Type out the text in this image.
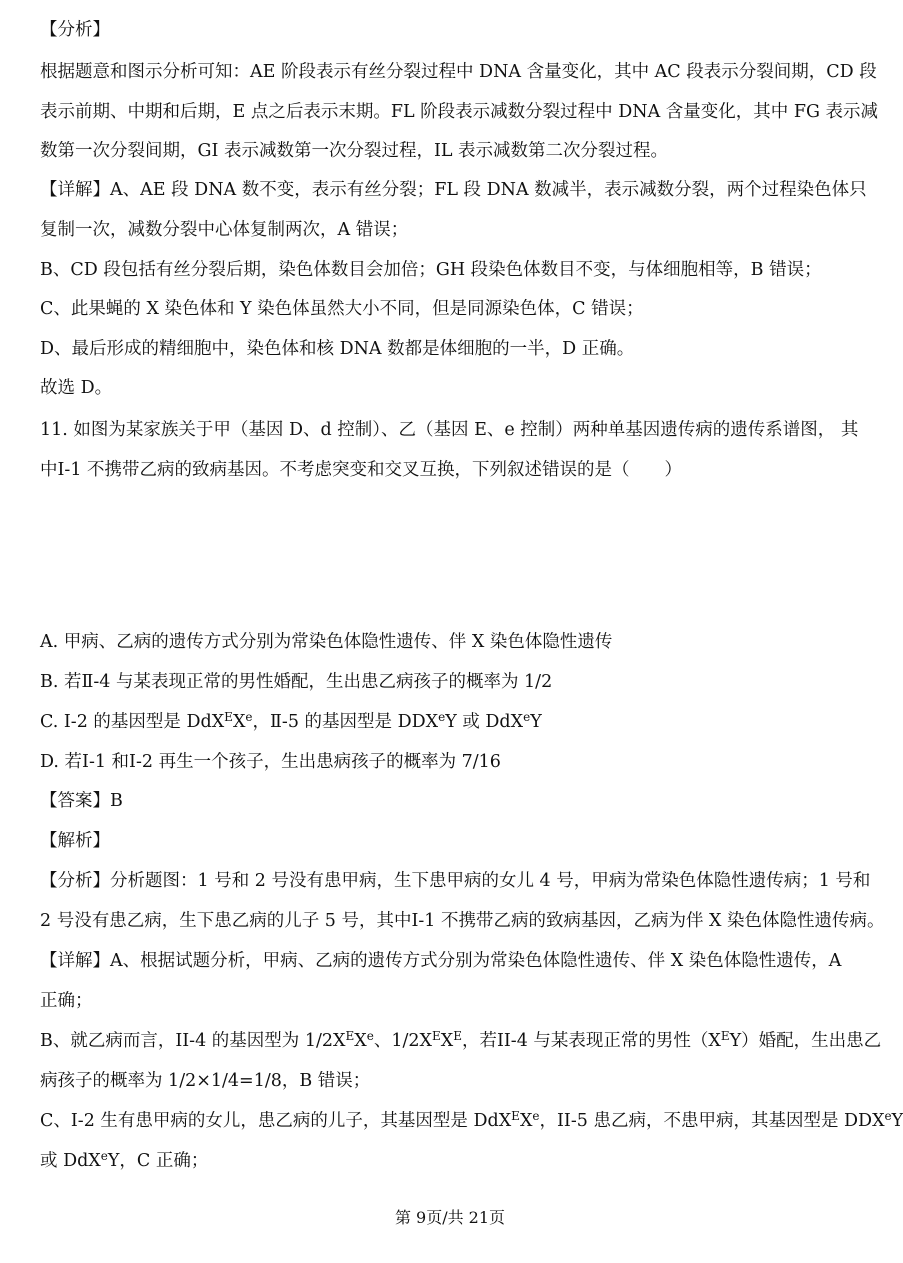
【分析】
根据题意和图示分析可知：AE 阶段表示有丝分裂过程中 DNA 含量变化，其中 AC 段表示分裂间期，CD 段
表示前期、中期和后期，E 点之后表示末期。FL 阶段表示减数分裂过程中 DNA 含量变化，其中 FG 表示减
数第一次分裂间期，GI 表示减数第一次分裂过程，IL 表示减数第二次分裂过程。
【详解】A、AE 段 DNA 数不变，表示有丝分裂；FL 段 DNA 数减半，表示减数分裂，两个过程染色体只
复制一次，减数分裂中心体复制两次，A 错误；
B、CD 段包括有丝分裂后期，染色体数目会加倍；GH 段染色体数目不变，与体细胞相等，B 错误；
C、此果蝇的 X 染色体和 Y 染色体虽然大小不同，但是同源染色体，C 错误；
D、最后形成的精细胞中，染色体和核 DNA 数都是体细胞的一半，D 正确。
故选 D。
11. 如图为某家族关于甲（基因 D、d 控制）、乙（基因 E、e 控制）两种单基因遗传病的遗传系谱图， 其
中Ⅰ-1 不携带乙病的致病基因。不考虑突变和交叉互换，下列叙述错误的是（　　）
A. 甲病、乙病的遗传方式分别为常染色体隐性遗传、伴 X 染色体隐性遗传
B. 若Ⅱ-4 与某表现正常的男性婚配，生出患乙病孩子的概率为 1/2
C. Ⅰ-2 的基因型是 DdX$^E$Xe，Ⅱ-5 的基因型是 DDXeY 或 DdX$^e$Y
D. 若Ⅰ-1 和Ⅰ-2 再生一个孩子，生出患病孩子的概率为 7/16
【答案】B
【解析】
【分析】分析题图：1 号和 2 号没有患甲病，生下患甲病的女儿 4 号，甲病为常染色体隐性遗传病；1 号和
2 号没有患乙病，生下患乙病的儿子 5 号，其中I-1 不携带乙病的致病基因，乙病为伴 X 染色体隐性遗传病。
【详解】A、根据试题分析，甲病、乙病的遗传方式分别为常染色体隐性遗传、伴 X 染色体隐性遗传，A
正确；
B、就乙病而言，II-4 的基因型为 $1/2X^EXe$、$1/2X^EX^E$，若II-4 与某表现正常的男性$(X^EY)$婚配，生出患乙
病孩子的概率为 1/2×1/4=1/8，B 错误；
C、I-2 生有患甲病的女儿，患乙病的儿子，其基因型是 DdX$^E$Xe，II-5 患乙病，不患甲病，其基因型是 DDXeY
或 DdX$^e$Y，C 正确；
第 9页/共 21页
